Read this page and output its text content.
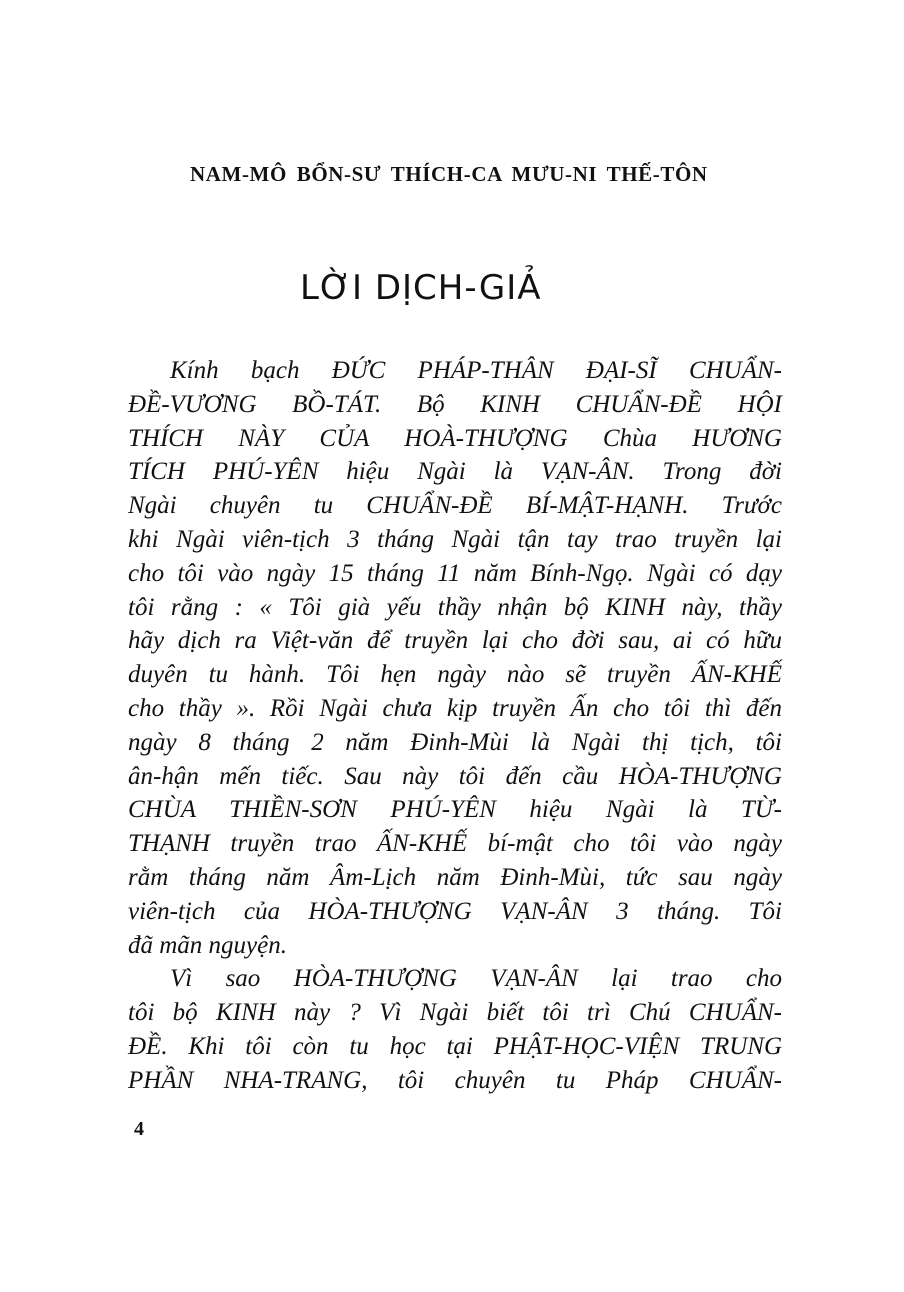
NAM-MÔ BỔN-SƯ THÍCH-CA MƯU-NI THẾ-TÔN
LỜI DỊCH-GIẢ
Kính bạch ĐỨC PHÁP-THÂN ĐẠI-SĨ CHUẨN-
ĐỀ-VƯƠNG BỒ-TÁT. Bộ KINH CHUẨN-ĐỀ HỘI
THÍCH NÀY CỦA HOÀ-THƯỢNG Chùa HƯƠNG
TÍCH PHÚ-YÊN hiệu Ngài là VẠN-ÂN. Trong đời
Ngài chuyên tu CHUẨN-ĐỀ BÍ-MẬT-HẠNH. Trước
khi Ngài viên-tịch 3 tháng Ngài tận tay trao truyền lại
cho tôi vào ngày 15 tháng 11 năm Bính-Ngọ. Ngài có dạy
tôi rằng : « Tôi già yếu thầy nhận bộ KINH này, thầy
hãy dịch ra Việt-văn để truyền lại cho đời sau, ai có hữu
duyên tu hành. Tôi hẹn ngày nào sẽ truyền ẤN-KHẾ
cho thầy ». Rồi Ngài chưa kịp truyền Ấn cho tôi thì đến
ngày 8 tháng 2 năm Đinh-Mùi là Ngài thị tịch, tôi
ân-hận mến tiếc. Sau này tôi đến cầu HÒA-THƯỢNG
CHÙA THIỀN-SƠN PHÚ-YÊN hiệu Ngài là TỪ-
THẠNH truyền trao ẤN-KHẾ bí-mật cho tôi vào ngày
rằm tháng năm Âm-Lịch năm Đinh-Mùi, tức sau ngày
viên-tịch của HÒA-THƯỢNG VẠN-ÂN 3 tháng. Tôi
đã mãn nguyện.
Vì sao HÒA-THƯỢNG VẠN-ÂN lại trao cho
tôi bộ KINH này ? Vì Ngài biết tôi trì Chú CHUẨN-
ĐỀ. Khi tôi còn tu học tại PHẬT-HỌC-VIỆN TRUNG
PHẦN NHA-TRANG, tôi chuyên tu Pháp CHUẨN-
4
